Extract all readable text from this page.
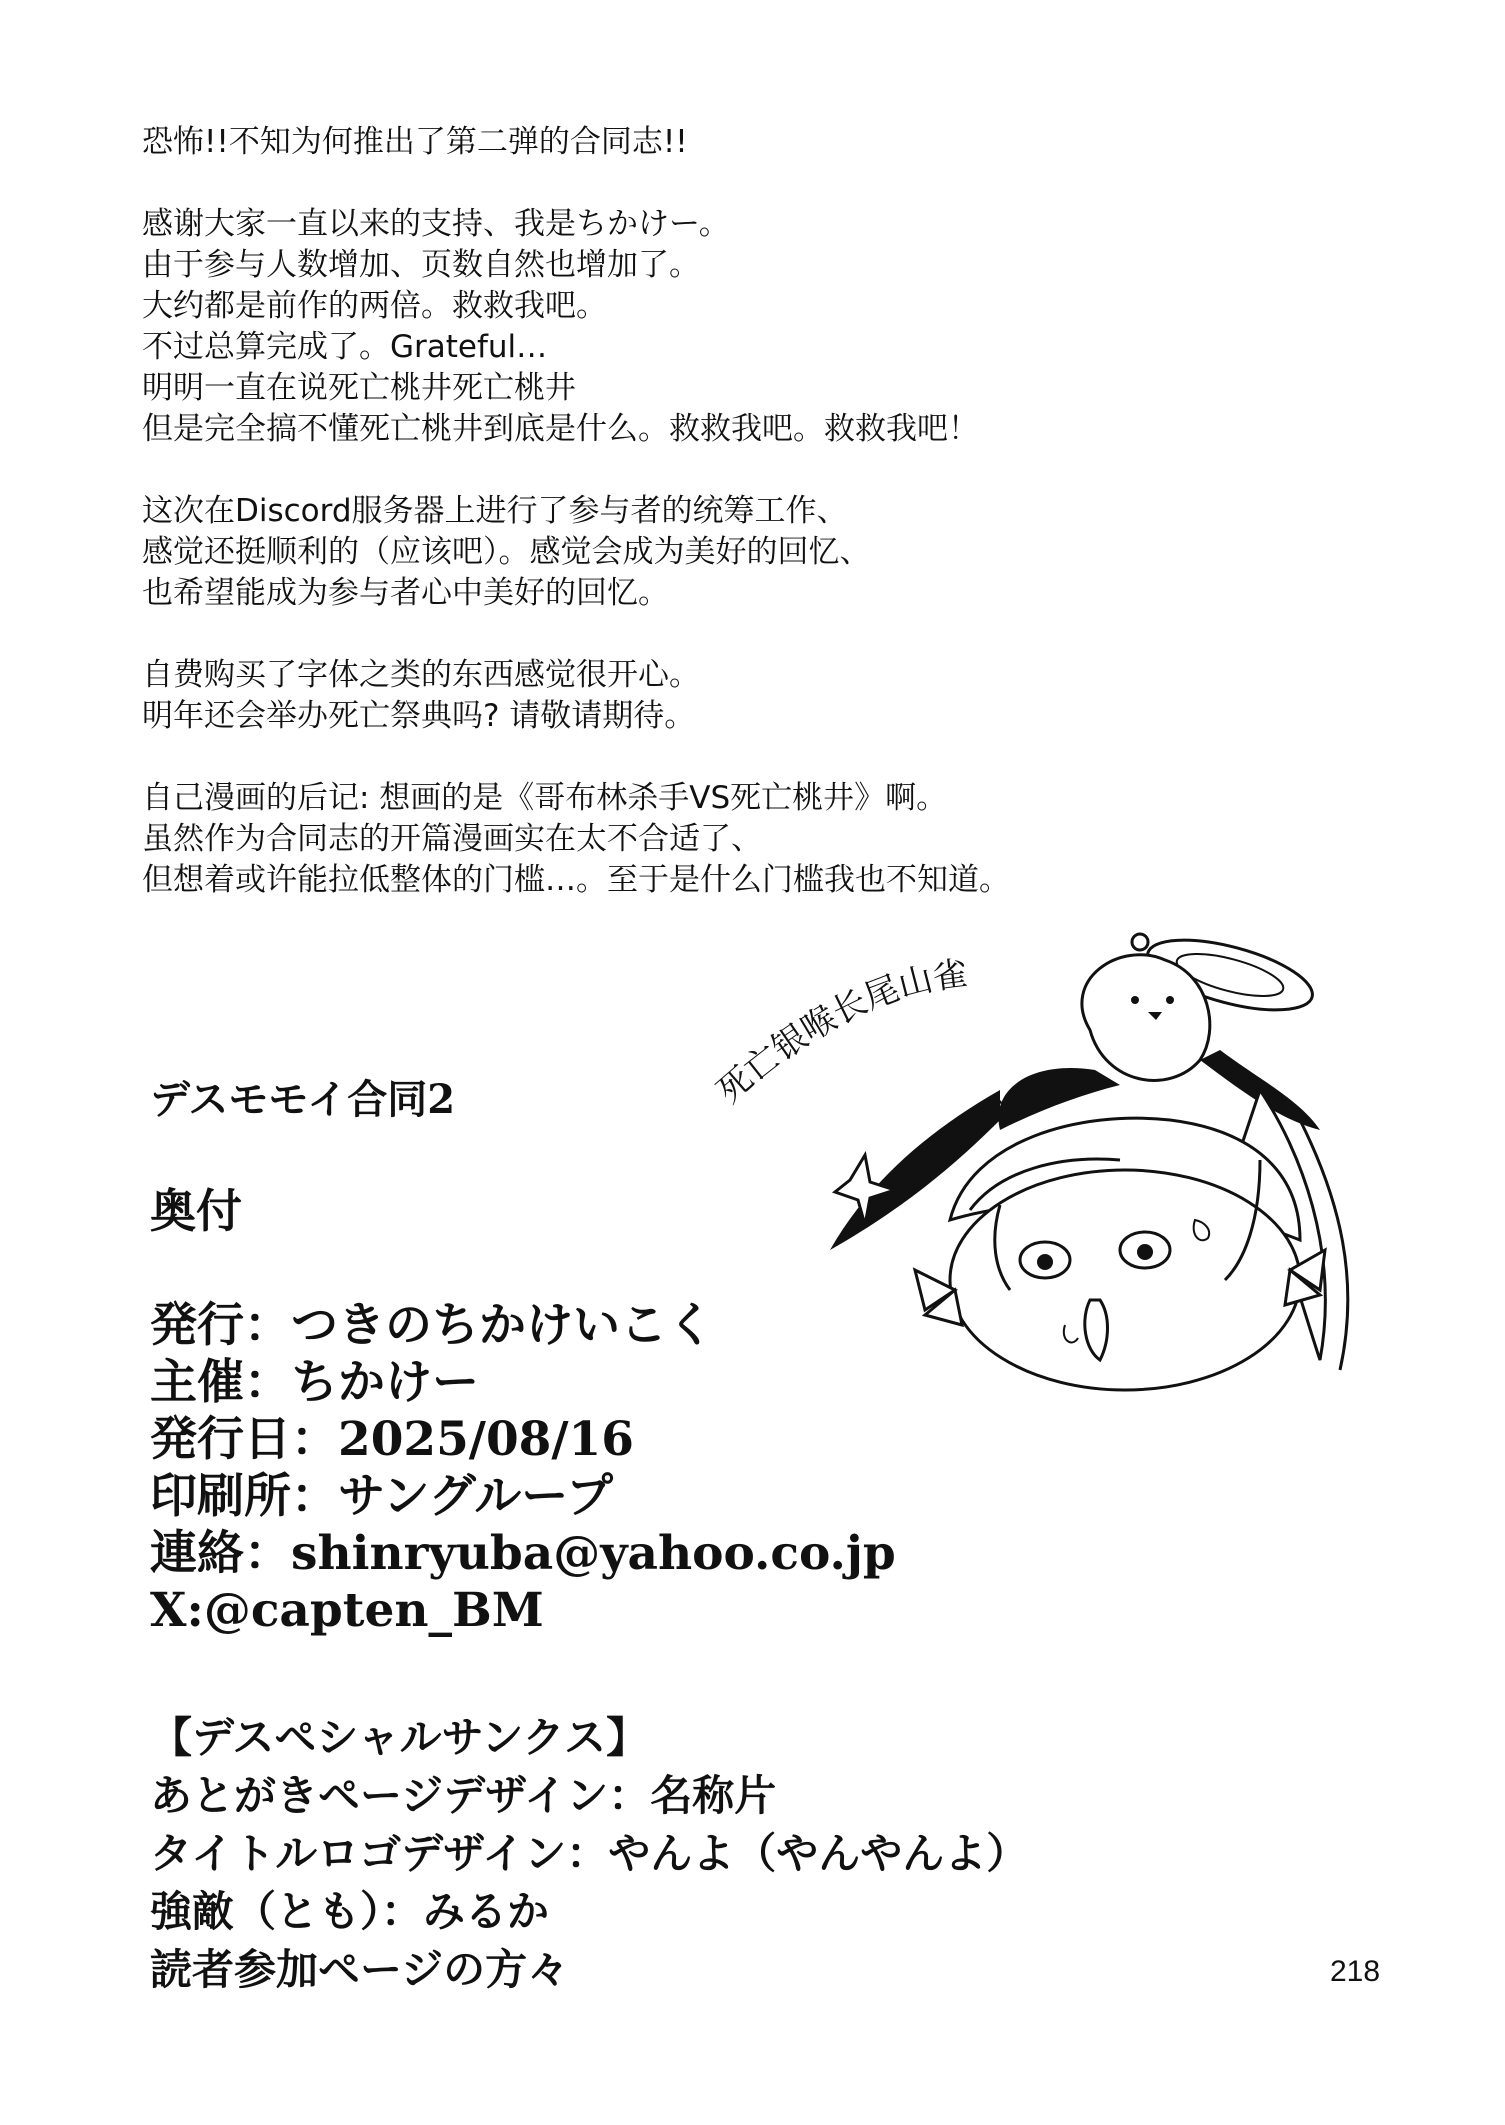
恐怖!!不知为何推出了第二弹的合同志!!

感谢大家一直以来的支持、我是ちかけー。
由于参与人数增加、页数自然也增加了。
大约都是前作的两倍。救救我吧。
不过总算完成了。Grateful…
明明一直在说死亡桃井死亡桃井
但是完全搞不懂死亡桃井到底是什么。救救我吧。救救我吧！

这次在Discord服务器上进行了参与者的统筹工作、
感觉还挺顺利的（应该吧）。感觉会成为美好的回忆、
也希望能成为参与者心中美好的回忆。

自费购买了字体之类的东西感觉很开心。
明年还会举办死亡祭典吗? 请敬请期待。

自己漫画的后记: 想画的是《哥布林杀手VS死亡桃井》啊。
虽然作为合同志的开篇漫画实在太不合适了、
但想着或许能拉低整体的门槛…。至于是什么门槛我也不知道。

死亡银喉长尾山雀
デスモモイ合同2
奥付
発行：つきのちかけいこく
主催：ちかけー
発行日：2025/08/16
印刷所：サングループ
連絡：shinryuba@yahoo.co.jp
X:@capten_BM
【デスペシャルサンクス】
あとがきページデザイン：名称片
タイトルロゴデザイン：やんよ（やんやんよ）
強敵（とも）：みるか
読者参加ページの方々	218
